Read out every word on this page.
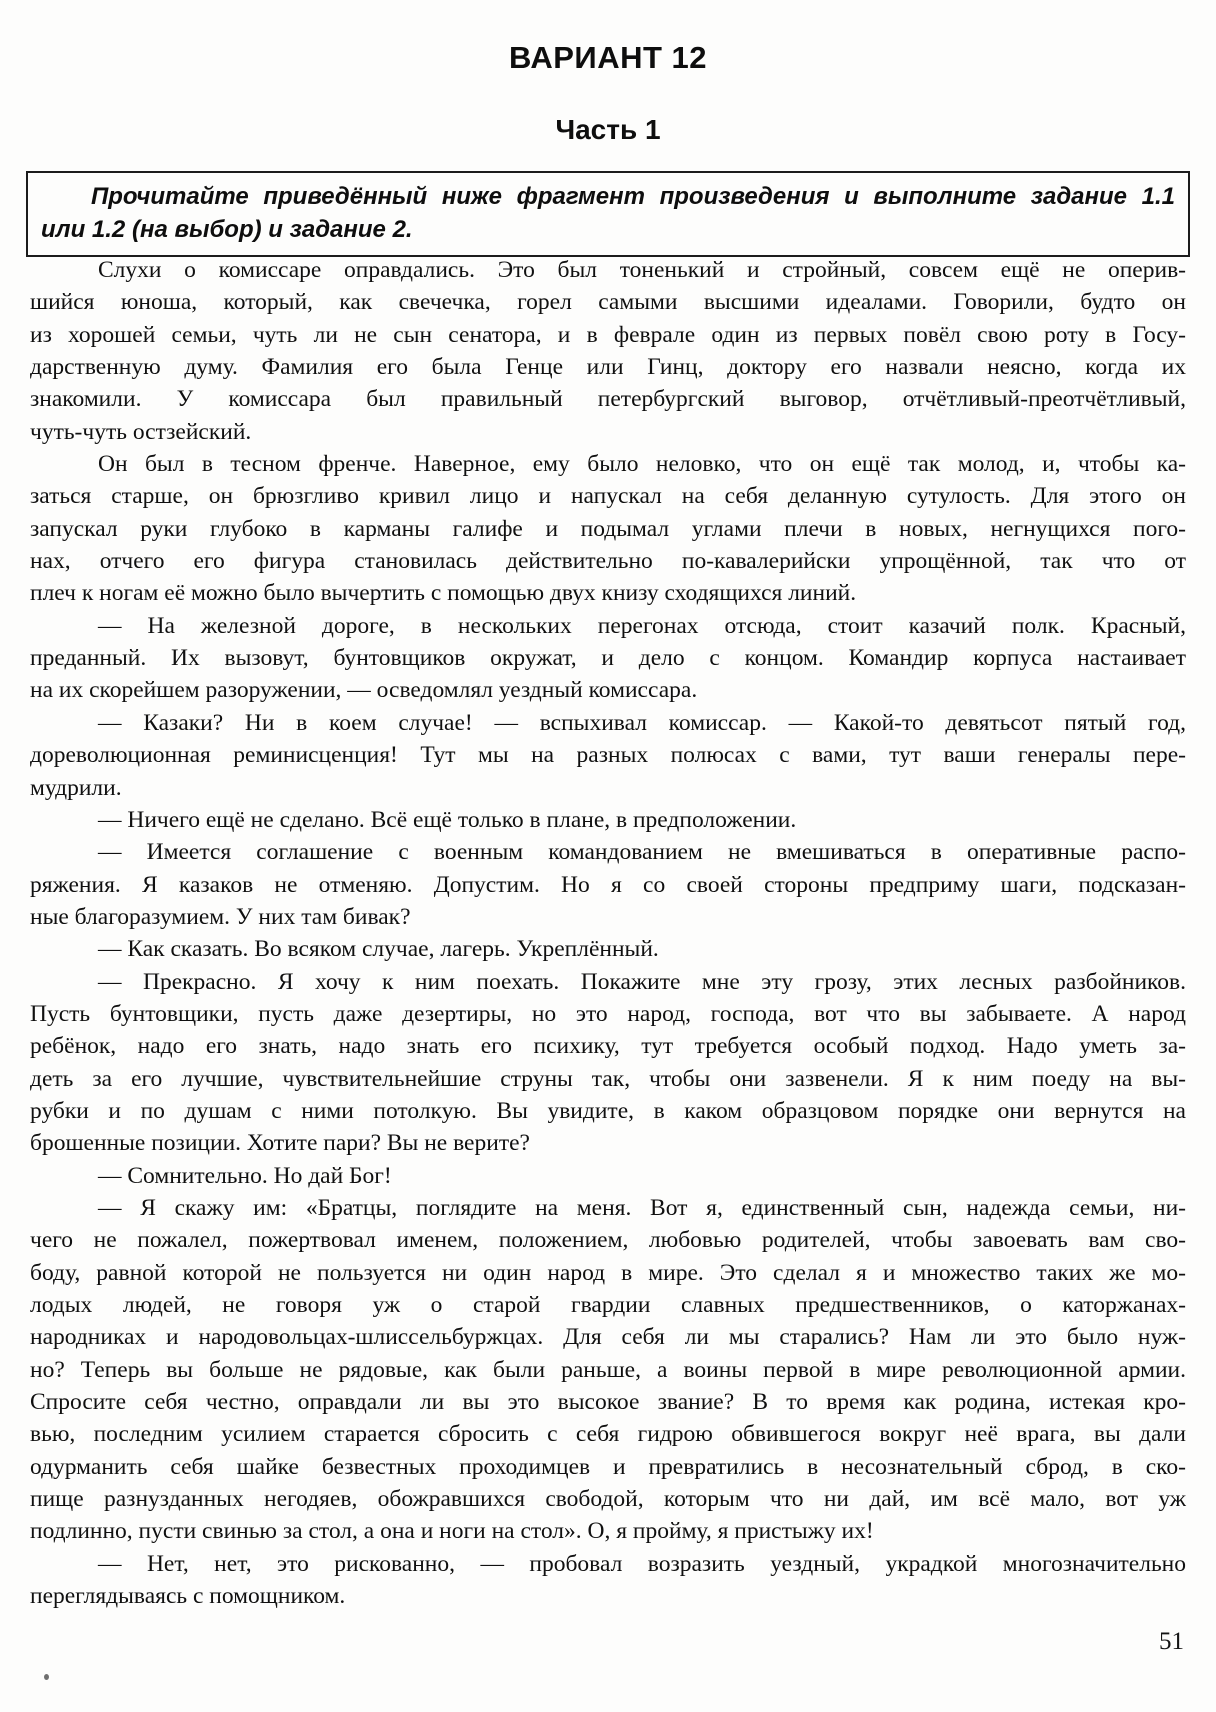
ВАРИАНТ 12
Часть 1
Прочитайте приведённый ниже фрагмент произведения и выполните задание 1.1
или 1.2 (на выбор) и задание 2.
Слухи о комиссаре оправдались. Это был тоненький и стройный, совсем ещё не оперив-
шийся юноша, который, как свечечка, горел самыми высшими идеалами. Говорили, будто он
из хорошей семьи, чуть ли не сын сенатора, и в феврале один из первых повёл свою роту в Госу-
дарственную думу. Фамилия его была Генце или Гинц, доктору его назвали неясно, когда их
знакомили. У комиссара был правильный петербургский выговор, отчётливый-преотчётливый,
чуть-чуть остзейский.
Он был в тесном френче. Наверное, ему было неловко, что он ещё так молод, и, чтобы ка-
заться старше, он брюзгливо кривил лицо и напускал на себя деланную сутулость. Для этого он
запускал руки глубоко в карманы галифе и подымал углами плечи в новых, негнущихся пого-
нах, отчего его фигура становилась действительно по-кавалерийски упрощённой, так что от
плеч к ногам её можно было вычертить с помощью двух книзу сходящихся линий.
— На железной дороге, в нескольких перегонах отсюда, стоит казачий полк. Красный,
преданный. Их вызовут, бунтовщиков окружат, и дело с концом. Командир корпуса настаивает
на их скорейшем разоружении, — осведомлял уездный комиссара.
— Казаки? Ни в коем случае! — вспыхивал комиссар. — Какой-то девятьсот пятый год,
дореволюционная реминисценция! Тут мы на разных полюсах с вами, тут ваши генералы пере-
мудрили.
— Ничего ещё не сделано. Всё ещё только в плане, в предположении.
— Имеется соглашение с военным командованием не вмешиваться в оперативные распо-
ряжения. Я казаков не отменяю. Допустим. Но я со своей стороны предприму шаги, подсказан-
ные благоразумием. У них там бивак?
— Как сказать. Во всяком случае, лагерь. Укреплённый.
— Прекрасно. Я хочу к ним поехать. Покажите мне эту грозу, этих лесных разбойников.
Пусть бунтовщики, пусть даже дезертиры, но это народ, господа, вот что вы забываете. А народ
ребёнок, надо его знать, надо знать его психику, тут требуется особый подход. Надо уметь за-
деть за его лучшие, чувствительнейшие струны так, чтобы они зазвенели. Я к ним поеду на вы-
рубки и по душам с ними потолкую. Вы увидите, в каком образцовом порядке они вернутся на
брошенные позиции. Хотите пари? Вы не верите?
— Сомнительно. Но дай Бог!
— Я скажу им: «Братцы, поглядите на меня. Вот я, единственный сын, надежда семьи, ни-
чего не пожалел, пожертвовал именем, положением, любовью родителей, чтобы завоевать вам сво-
боду, равной которой не пользуется ни один народ в мире. Это сделал я и множество таких же мо-
лодых людей, не говоря уж о старой гвардии славных предшественников, о каторжанах-
народниках и народовольцах-шлиссельбуржцах. Для себя ли мы старались? Нам ли это было нуж-
но? Теперь вы больше не рядовые, как были раньше, а воины первой в мире революционной армии.
Спросите себя честно, оправдали ли вы это высокое звание? В то время как родина, истекая кро-
вью, последним усилием старается сбросить с себя гидрою обвившегося вокруг неё врага, вы дали
одурманить себя шайке безвестных проходимцев и превратились в несознательный сброд, в ско-
пище разнузданных негодяев, обожравшихся свободой, которым что ни дай, им всё мало, вот уж
подлинно, пусти свинью за стол, а она и ноги на стол». О, я пройму, я пристыжу их!
— Нет, нет, это рискованно, — пробовал возразить уездный, украдкой многозначительно
переглядываясь с помощником.
51
